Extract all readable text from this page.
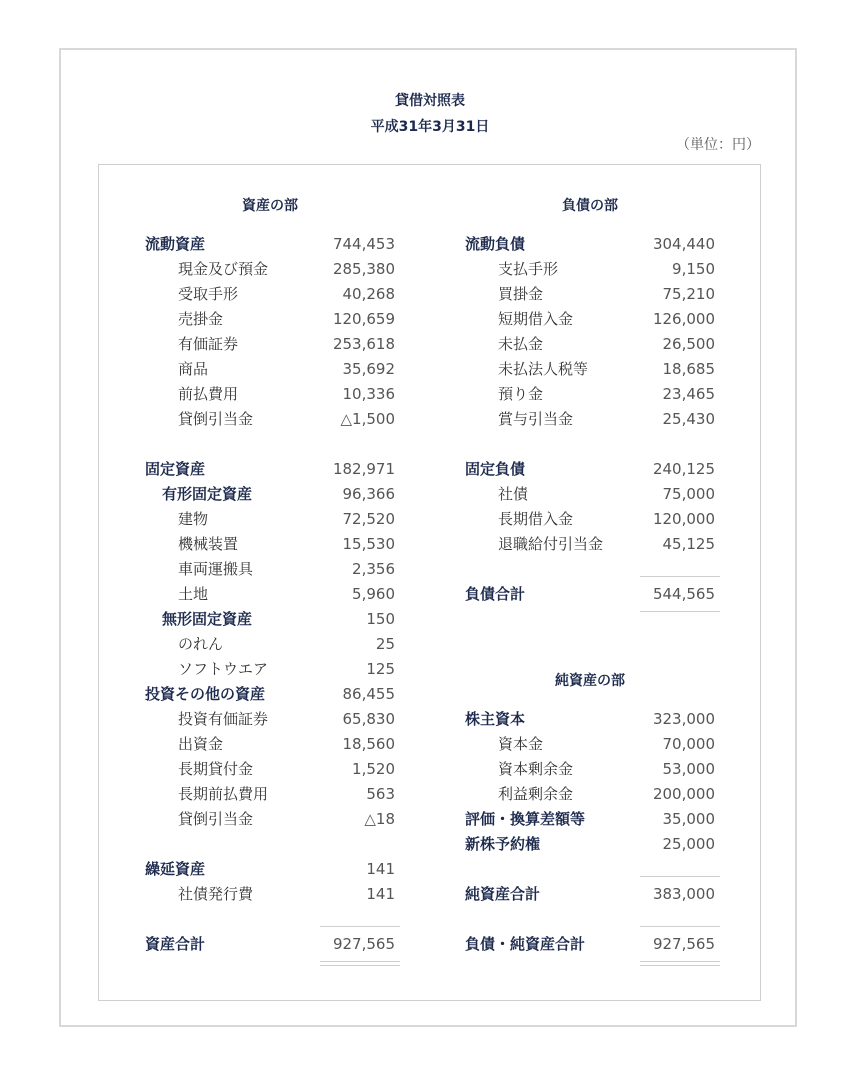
貸借対照表
平成31年3月31日
（単位：円）
資産の部	負債の部
純資産の部
流動資産	744,453
現金及び預金	285,380
受取手形	40,268
売掛金	120,659
有価証券	253,618
商品	35,692
前払費用	10,336
貸倒引当金	△1,500
固定資産	182,971
有形固定資産	96,366
建物	72,520
機械装置	15,530
車両運搬具	2,356
土地	5,960
無形固定資産	150
のれん	25
ソフトウエア	125
投資その他の資産	86,455
投資有価証券	65,830
出資金	18,560
長期貸付金	1,520
長期前払費用	563
貸倒引当金	△18
繰延資産	141
社債発行費	141
資産合計	927,565
流動負債	304,440
支払手形	9,150
買掛金	75,210
短期借入金	126,000
未払金	26,500
未払法人税等	18,685
預り金	23,465
賞与引当金	25,430
固定負債	240,125
社債	75,000
長期借入金	120,000
退職給付引当金	45,125
負債合計	544,565
株主資本	323,000
資本金	70,000
資本剰余金	53,000
利益剰余金	200,000
評価・換算差額等	35,000
新株予約権	25,000
純資産合計	383,000
負債・純資産合計	927,565
